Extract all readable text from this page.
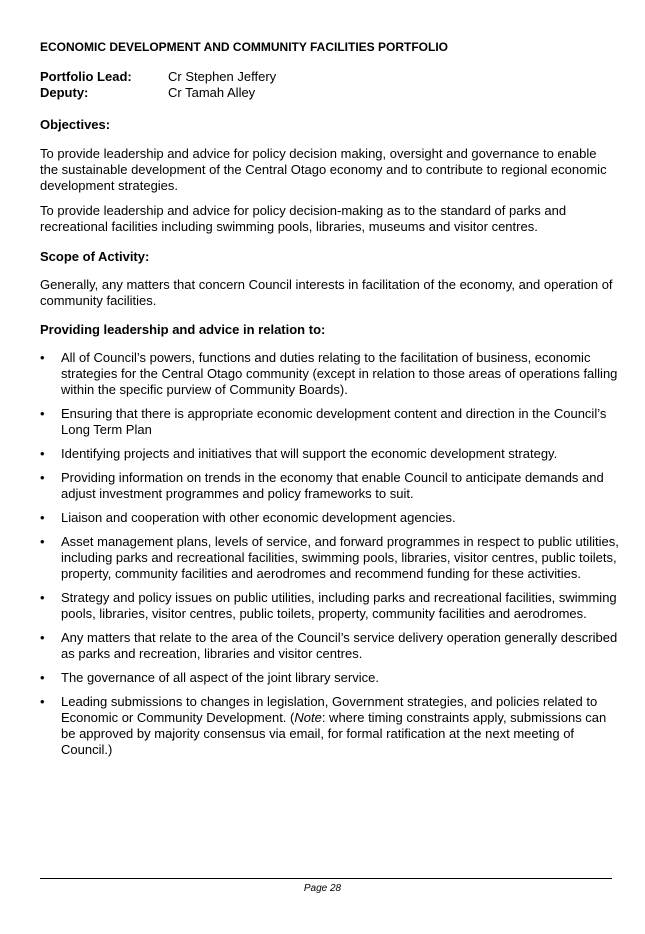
ECONOMIC DEVELOPMENT AND COMMUNITY FACILITIES PORTFOLIO
Portfolio Lead:	Cr Stephen Jeffery
Deputy:	Cr Tamah Alley
Objectives:
To provide leadership and advice for policy decision making, oversight and governance to enable the sustainable development of the Central Otago economy and to contribute to regional economic development strategies.
To provide leadership and advice for policy decision-making as to the standard of parks and recreational facilities including swimming pools, libraries, museums and visitor centres.
Scope of Activity:
Generally, any matters that concern Council interests in facilitation of the economy, and operation of community facilities.
Providing leadership and advice in relation to:
• All of Council’s powers, functions and duties relating to the facilitation of business, economic strategies for the Central Otago community (except in relation to those areas of operations falling within the specific purview of Community Boards).
• Ensuring that there is appropriate economic development content and direction in the Council’s Long Term Plan
• Identifying projects and initiatives that will support the economic development strategy.
• Providing information on trends in the economy that enable Council to anticipate demands and adjust investment programmes and policy frameworks to suit.
• Liaison and cooperation with other economic development agencies.
• Asset management plans, levels of service, and forward programmes in respect to public utilities, including parks and recreational facilities, swimming pools, libraries, visitor centres, public toilets, property, community facilities and aerodromes and recommend funding for these activities.
• Strategy and policy issues on public utilities, including parks and recreational facilities, swimming pools, libraries, visitor centres, public toilets, property, community facilities and aerodromes.
• Any matters that relate to the area of the Council’s service delivery operation generally described as parks and recreation, libraries and visitor centres.
• The governance of all aspect of the joint library service.
• Leading submissions to changes in legislation, Government strategies, and policies related to Economic or Community Development. (Note: where timing constraints apply, submissions can be approved by majority consensus via email, for formal ratification at the next meeting of Council.)
Page 28
